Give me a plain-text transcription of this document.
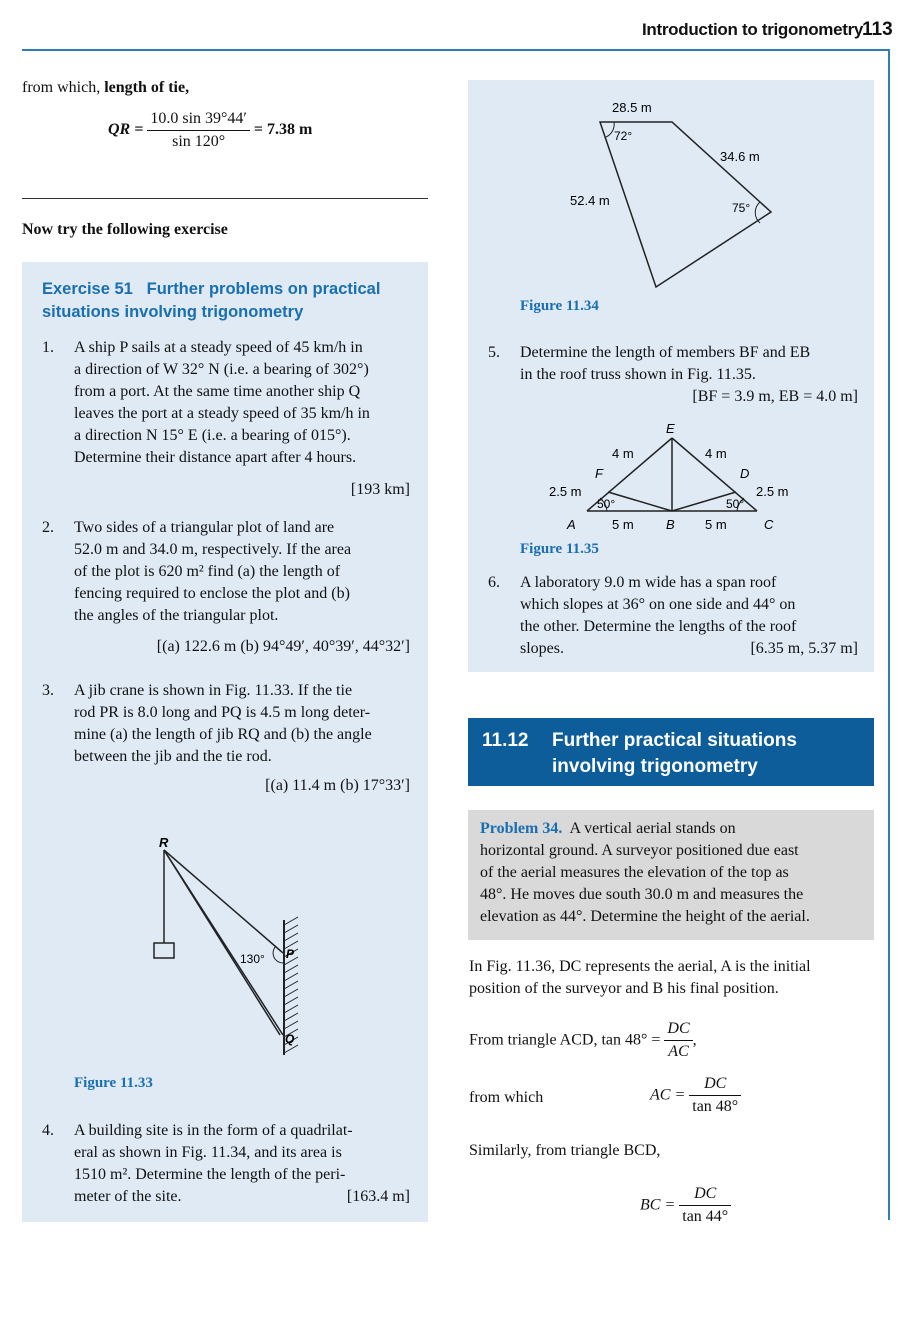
Introduction to trigonometry
113
from which, length of tie,
QR = $\frac{10.0 \sin 39^\circ 44'}{\sin 120^\circ} = 7.38$ m
Now try the following exercise
Exercise 51 Further problems on practical
situations involving trigonometry
1. A ship P sails at a steady speed of 45 km/h in
a direction of W 32° N (i.e. a bearing of 302°)
from a port. At the same time another ship Q
leaves the port at a steady speed of 35 km/h in
a direction N 15° E (i.e. a bearing of 015°).
Determine their distance apart after 4 hours.
[193 km]
2. Two sides of a triangular plot of land are
52.0 m and 34.0 m, respectively. If the area
of the plot is 620 m² find (a) the length of
fencing required to enclose the plot and (b)
the angles of the triangular plot.
[(a) 122.6 m (b) 94°49′, 40°39′, 44°32′]
3. A jib crane is shown in Fig. 11.33. If the tie
rod PR is 8.0 long and PQ is 4.5 m long deter-
mine (a) the length of jib RQ and (b) the angle
between the jib and the tie rod.
[(a) 11.4 m (b) 17°33′]
R
P
Q
130°
Figure 11.33
4. A building site is in the form of a quadrilat-
eral as shown in Fig. 11.34, and its area is
1510 m². Determine the length of the peri-
meter of the site.	[163.4 m]
28.5 m
52.4 m
34.6 m
72°
75°
Figure 11.34
5. Determine the length of members BF and EB
in the roof truss shown in Fig. 11.35.
[BF = 3.9 m, EB = 4.0 m]
E
F	D
A	B	C
4 m	4 m
2.5 m	2.5 m
5 m	5 m
50°	50°
Figure 11.35
6. A laboratory 9.0 m wide has a span roof
which slopes at 36° on one side and 44° on
the other. Determine the lengths of the roof
slopes.	[6.35 m, 5.37 m]
11.12 Further practical situations
involving trigonometry
Problem 34. A vertical aerial stands on
horizontal ground. A surveyor positioned due east
of the aerial measures the elevation of the top as
48°. He moves due south 30.0 m and measures the
elevation as 44°. Determine the height of the aerial.
In Fig. 11.36, DC represents the aerial, A is the initial
position of the surveyor and B his final position.
From triangle ACD, $\tan 48^\circ = \frac{DC}{AC}$ ,
from which	AC = $\frac{DC}{\tan 48^\circ}$
Similarly, from triangle BCD,
BC = $\frac{DC}{\tan 44^\circ}$
